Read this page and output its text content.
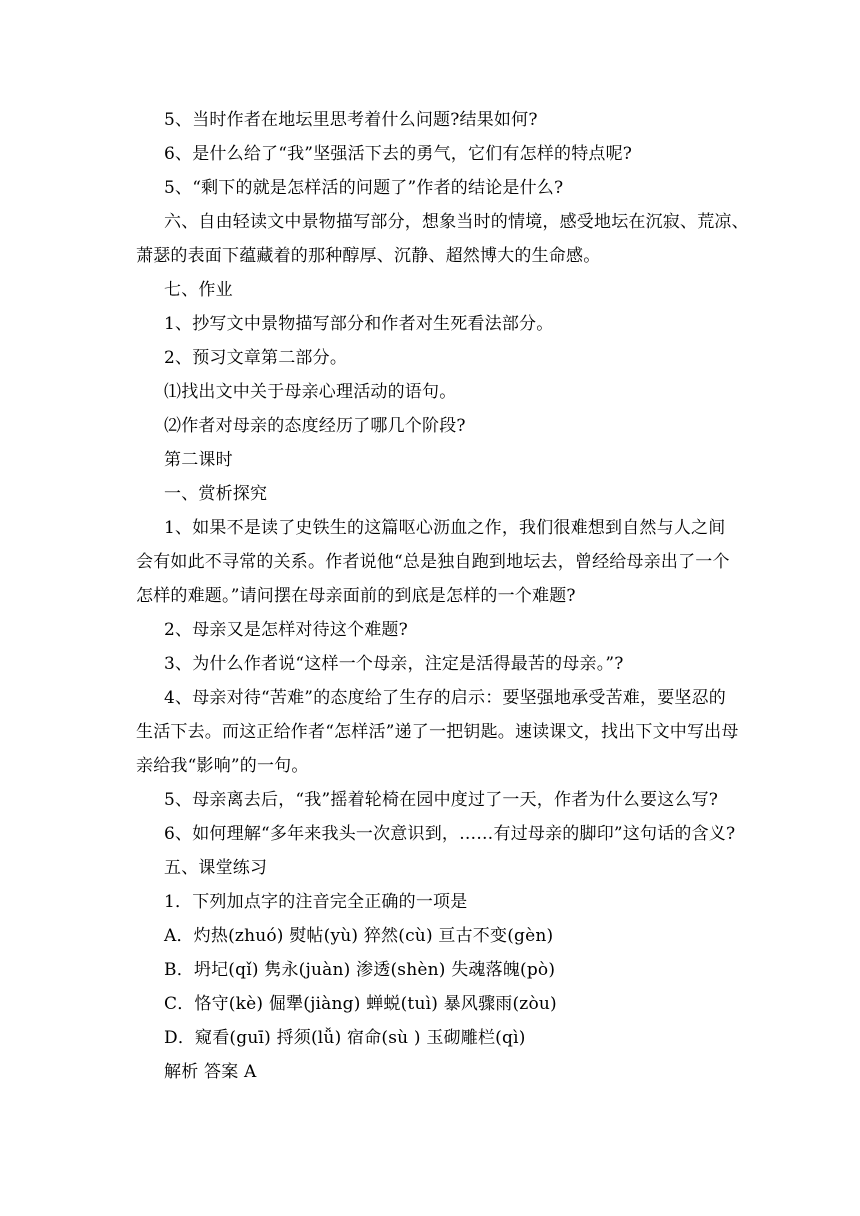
5、当时作者在地坛里思考着什么问题?结果如何?
6、是什么给了“我”坚强活下去的勇气，它们有怎样的特点呢?
5、“剩下的就是怎样活的问题了”作者的结论是什么?
六、自由轻读文中景物描写部分，想象当时的情境，感受地坛在沉寂、荒凉、
萧瑟的表面下蕴藏着的那种醇厚、沉静、超然博大的生命感。
七、作业
1、抄写文中景物描写部分和作者对生死看法部分。
2、预习文章第二部分。
⑴找出文中关于母亲心理活动的语句。
⑵作者对母亲的态度经历了哪几个阶段?
第二课时
一、赏析探究
1、如果不是读了史铁生的这篇呕心沥血之作，我们很难想到自然与人之间
会有如此不寻常的关系。作者说他“总是独自跑到地坛去，曾经给母亲出了一个
怎样的难题。”请问摆在母亲面前的到底是怎样的一个难题?
2、母亲又是怎样对待这个难题?
3、为什么作者说“这样一个母亲，注定是活得最苦的母亲。”?
4、母亲对待“苦难”的态度给了生存的启示：要坚强地承受苦难，要坚忍的
生活下去。而这正给作者“怎样活”递了一把钥匙。速读课文，找出下文中写出母
亲给我“影响”的一句。
5、母亲离去后，“我”摇着轮椅在园中度过了一天，作者为什么要这么写?
6、如何理解“多年来我头一次意识到，……有过母亲的脚印”这句话的含义?
五、课堂练习
1．下列加点字的注音完全正确的一项是
A．灼热(zhuó) 熨帖(yù) 猝然(cù) 亘古不变(gèn)
B．坍圮(qǐ) 隽永(juàn) 渗透(shèn) 失魂落魄(pò)
C．恪守(kè) 倔犟(jiàng) 蝉蜕(tuì) 暴风骤雨(zòu)
D．窥看(guī) 捋须(lǚ) 宿命(sù ) 玉砌雕栏(qì)
解析 答案 A
